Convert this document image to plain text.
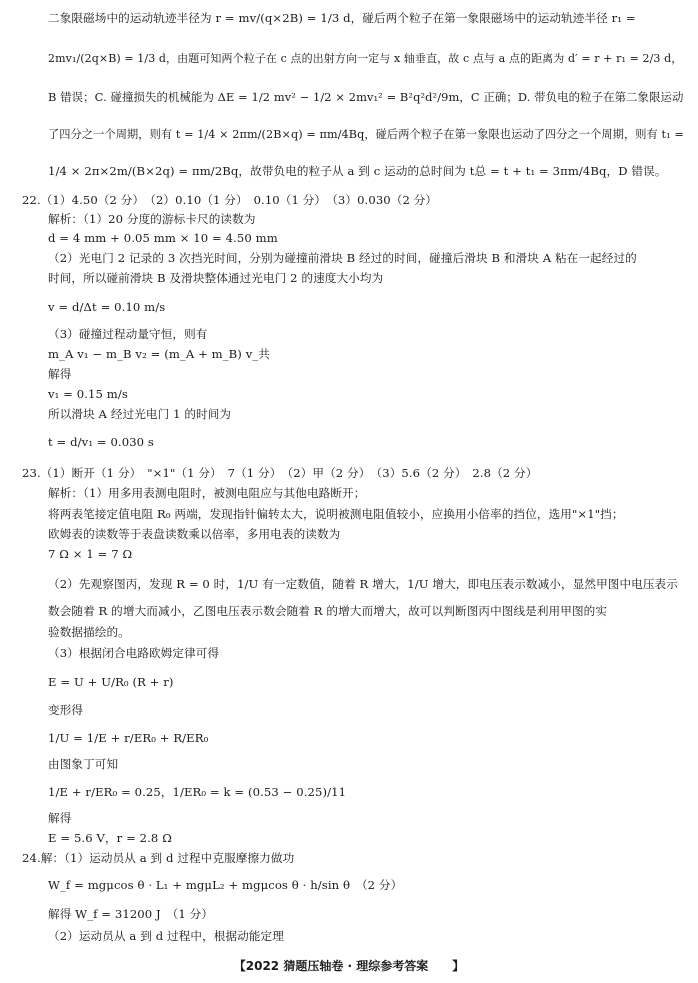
二象限磁场中的运动轨迹半径为 r = mv/(q×2B) = 1/3 d，碰后两个粒子在第一象限磁场中的运动轨迹半径 r₁ =
2mv₁/(2q×B) = 1/3 d，由题可知两个粒子在 c 点的出射方向一定与 x 轴垂直，故 c 点与 a 点的距离为 d′ = r + r₁ = 2/3 d，
B 错误；C. 碰撞损失的机械能为 ΔE = 1/2 mv² − 1/2 × 2mv₁² = B²q²d²/9m，C 正确；D. 带负电的粒子在第二象限运动
了四分之一个周期，则有 t = 1/4 × 2πm/(2B×q) = πm/4Bq，碰后两个粒子在第一象限也运动了四分之一个周期，则有 t₁ =
1/4 × 2π×2m/(B×2q) = πm/2Bq，故带负电的粒子从 a 到 c 运动的总时间为 t总 = t + t₁ = 3πm/4Bq，D 错误。
22.（1）4.50（2 分）　（2）0.10（1 分）　0.10（1 分）　（3）0.030（2 分）
解析：（1）20 分度的游标卡尺的读数为
d = 4 mm + 0.05 mm × 10 = 4.50 mm
（2）光电门 2 记录的 3 次挡光时间，分别为碰撞前滑块 B 经过的时间，碰撞后滑块 B 和滑块 A 粘在一起经过的
时间，所以碰前滑块 B 及滑块整体通过光电门 2 的速度大小均为
v = d/Δt = 0.10 m/s
（3）碰撞过程动量守恒，则有
m_A v₁ − m_B v₂ = (m_A + m_B) v_共
解得
v₁ = 0.15 m/s
所以滑块 A 经过光电门 1 的时间为
t = d/v₁ = 0.030 s
23.（1）断开（1 分）　"×1"（1 分）　7（1 分）　（2）甲（2 分）　（3）5.6（2 分）　2.8（2 分）
解析：（1）用多用表测电阻时，被测电阻应与其他电路断开；
将两表笔接定值电阻 R₀ 两端，发现指针偏转太大，说明被测电阻值较小，应换用小倍率的挡位，选用"×1"挡；
欧姆表的读数等于表盘读数乘以倍率，多用电表的读数为
7 Ω × 1 = 7 Ω
（2）先观察图丙，发现 R = 0 时，1/U 有一定数值，随着 R 增大，1/U 增大，即电压表示数减小，显然甲图中电压表示
数会随着 R 的增大而减小，乙图电压表示数会随着 R 的增大而增大，故可以判断图丙中图线是利用甲图的实
验数据描绘的。
（3）根据闭合电路欧姆定律可得
E = U + U/R₀ (R + r)
变形得
1/U = 1/E + r/ER₀ + R/ER₀
由图象丁可知
1/E + r/ER₀ = 0.25，1/ER₀ = k = (0.53 − 0.25)/11
解得
E = 5.6 V，r = 2.8 Ω
24.解：（1）运动员从 a 到 d 过程中克服摩擦力做功
W_f = mgμcos θ · L₁ + mgμL₂ + mgμcos θ · h/sin θ　（2 分）
解得 W_f = 31200 J　（1 分）
（2）运动员从 a 到 d 过程中，根据动能定理
【2022 猜题压轴卷 · 理综参考答案　　】
